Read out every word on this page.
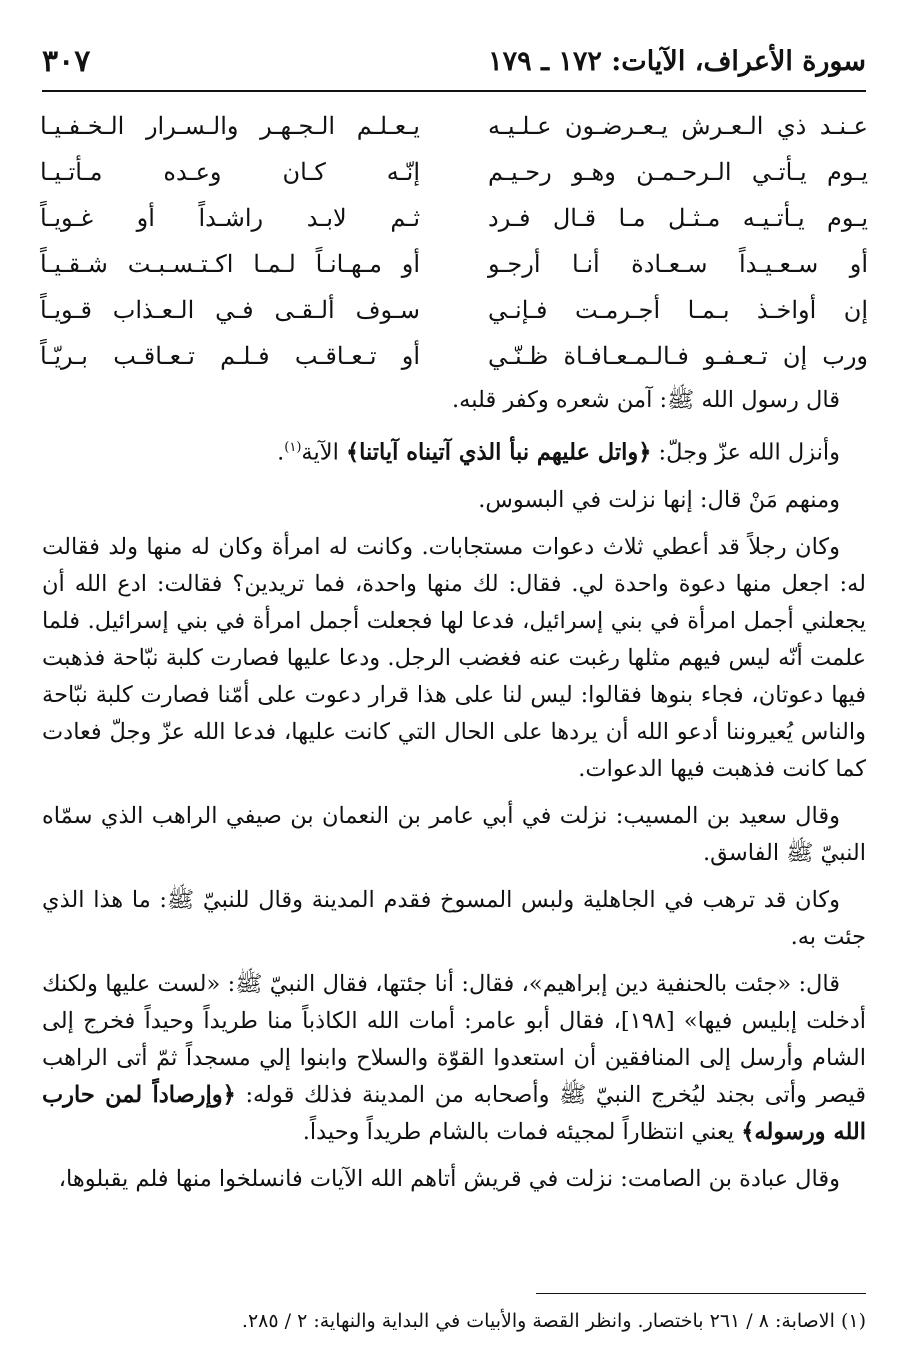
سورة الأعراف، الآيات: ١٧٢ ـ ١٧٩
٣٠٧
عـنـد ذي الـعـرش يـعـرضـون عـلـيـه
يـعـلـم الـجـهـر والـسـرار الـخـفـيـا
يـوم يـأتـي الـرحـمـن وهـو رحـيـم
إنّـه كـان وعـده مـأتـيـا
يـوم يـأتـيـه مـثـل مـا قـال فـرد
ثـم لابـد راشـداً أو غـويـاً
أو سـعـيـداً سـعـادة أنـا أرجـو
أو مـهـانـاً لـمـا اكـتـسـبـت شـقـيـاً
إن أواخـذ بـمـا أجـرمـت فـإنـي
سـوف ألـقـى فـي الـعـذاب قـويـاً
ورب إن تـعـفـو فـالـمـعـافـاة ظـنّـي
أو تـعـاقـب فـلـم تـعـاقـب بـريّـاً

قال رسول الله ﷺ: آمن شعره وكفر قلبه.

وأنزل الله عزّ وجلّ: ﴿واتل عليهم نبأ الذي آتيناه آياتنا﴾ الآية$^{(١)}$.

ومنهم مَنْ قال: إنها نزلت في البسوس.

وكان رجلاً قد أعطي ثلاث دعوات مستجابات. وكانت له امرأة وكان له منها ولد فقالت له: اجعل منها دعوة واحدة لي. فقال: لك منها واحدة، فما تريدين؟ فقالت: ادع الله أن يجعلني أجمل امرأة في بني إسرائيل، فدعا لها فجعلت أجمل امرأة في بني إسرائيل. فلما علمت أنّه ليس فيهم مثلها رغبت عنه فغضب الرجل. ودعا عليها فصارت كلبة نبّاحة فذهبت فيها دعوتان، فجاء بنوها فقالوا: ليس لنا على هذا قرار دعوت على أمّنا فصارت كلبة نبّاحة والناس يُعيروننا أدعو الله أن يردها على الحال التي كانت عليها، فدعا الله عزّ وجلّ فعادت كما كانت فذهبت فيها الدعوات.

وقال سعيد بن المسيب: نزلت في أبي عامر بن النعمان بن صيفي الراهب الذي سمّاه النبيّ ﷺ الفاسق.

وكان قد ترهب في الجاهلية ولبس المسوخ فقدم المدينة وقال للنبيّ ﷺ: ما هذا الذي جئت به.

قال: «جئت بالحنفية دين إبراهيم»، فقال: أنا جئتها، فقال النبيّ ﷺ: «لست عليها ولكنك أدخلت إبليس فيها» [١٩٨]، فقال أبو عامر: أمات الله الكاذباً منا طريداً وحيداً فخرج إلى الشام وأرسل إلى المنافقين أن استعدوا القوّة والسلاح وابنوا إلي مسجداً ثمّ أتى الراهب قيصر وأتى بجند ليُخرج النبيّ ﷺ وأصحابه من المدينة فذلك قوله: ﴿وإرصاداً لمن حارب الله ورسوله﴾ يعني انتظاراً لمجيئه فمات بالشام طريداً وحيداً.

وقال عبادة بن الصامت: نزلت في قريش أتاهم الله الآيات فانسلخوا منها فلم يقبلوها،

(١) الاصابة: ٨ / ٢٦١ باختصار. وانظر القصة والأبيات في البداية والنهاية: ٢ / ٢٨٥.
